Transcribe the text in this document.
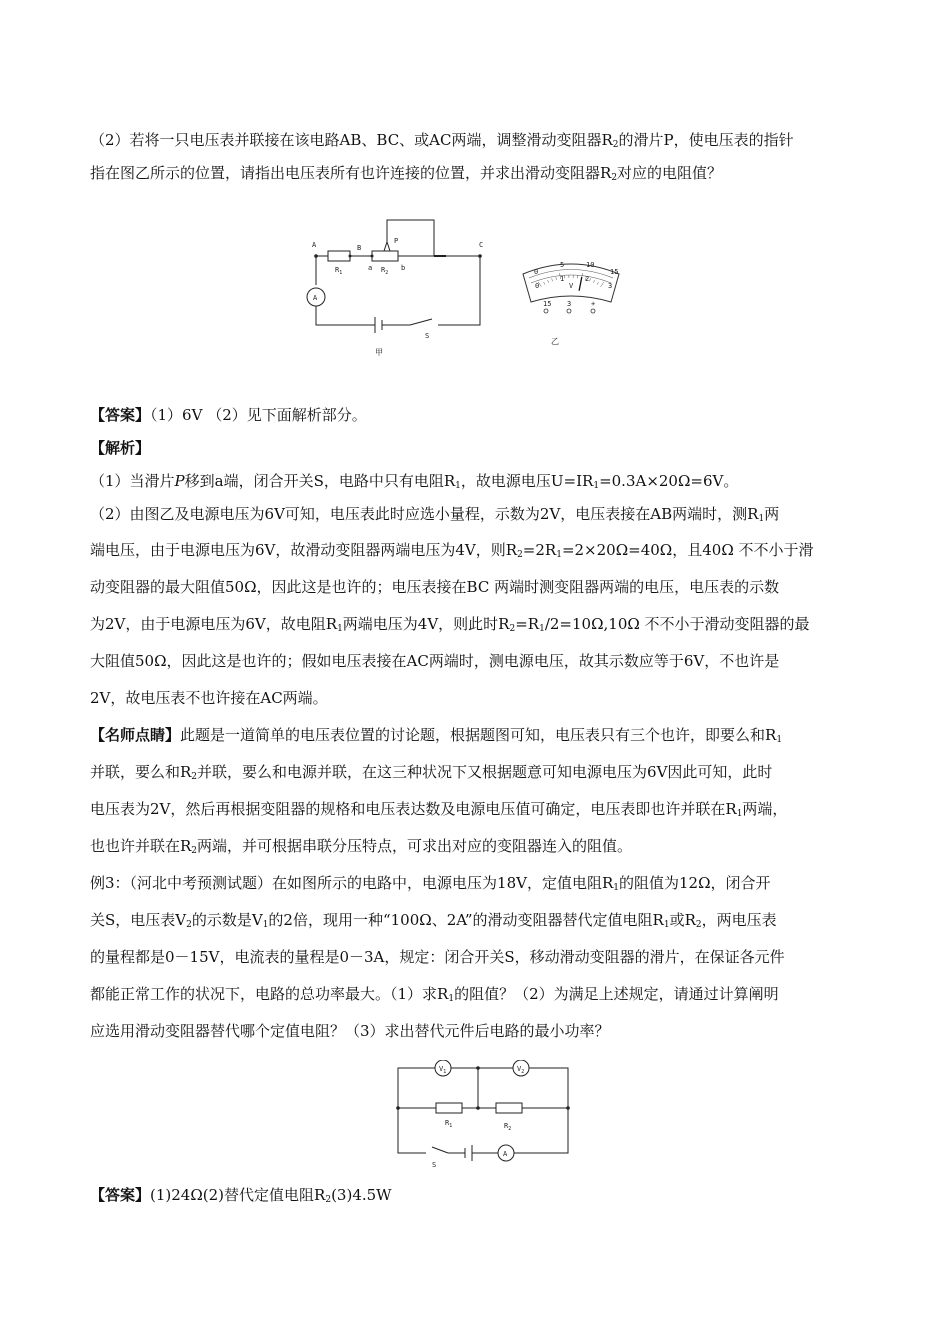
（2）若将一只电压表并联接在该电路AB、BC、或AC两端，调整滑动变阻器$R_2$的滑片P，使电压表的指针
指在图乙所示的位置，请指出电压表所有也许连接的位置，并求出滑动变阻器$R_2$对应的电阻值？
A	B	C
P
a	b
$R_1$	$R_2$
A
S
甲
0
5	10
15
0
1	2
3
V
15 3	+
乙
【答案】（1）6V （2）见下面解析部分。
【解析】
（1）当滑片P移到a端，闭合开关S，电路中只有电阻$R_1$，故电源电压$U=IR_1=0.3A\times 20\Omega=6V$。
（2）由图乙及电源电压为6V可知，电压表此时应选小量程，示数为2V，电压表接在AB两端时，测$R_1$两
端电压，由于电源电压为6V，故滑动变阻器两端电压为4V，则$R_2=2R_1=2\times 20\Omega=40\Omega$，且40Ω 不不小于滑
动变阻器的最大阻值50Ω，因此这是也许的；电压表接在BC 两端时测变阻器两端的电压，电压表的示数
为2V，由于电源电压为6V，故电阻$R_1$两端电压为4V，则此时$R_2=R_1/2=10\Omega,10\Omega$ 不不小于滑动变阻器的最
大阻值50Ω，因此这是也许的；假如电压表接在AC两端时，测电源电压，故其示数应等于6V，不也许是
2V，故电压表不也许接在AC两端。
【名师点睛】此题是一道简单的电压表位置的讨论题，根据题图可知，电压表只有三个也许，即要么和$R_1$
并联，要么和$R_2$并联，要么和电源并联，在这三种状况下又根据题意可知电源电压为6V因此可知，此时
电压表为2V，然后再根据变阻器的规格和电压表达数及电源电压值可确定，电压表即也许并联在$R_1$两端，
也也许并联在$R_2$两端，并可根据串联分压特点，可求出对应的变阻器连入的阻值。
例3：（河北中考预测试题）在如图所示的电路中，电源电压为18V，定值电阻$R_1$的阻值为12Ω，闭合开
关S，电压表$V_2$的示数是$V_1$的2倍，现用一种“100Ω、2A”的滑动变阻器替代定值电阻$R_1$或$R_2$，两电压表
的量程都是0－15V，电流表的量程是0－3A，规定：闭合开关S，移动滑动变阻器的滑片，在保证各元件
都能正常工作的状况下，电路的总功率最大。（1）求$R_1$的阻值？（2）为满足上述规定，请通过计算阐明
应选用滑动变阻器替代哪个定值电阻？（3）求出替代元件后电路的最小功率？
$V_1$	$V_2$
$R_1$	$R_2$
A
S
【答案】(1)24Ω(2)替代定值电阻$R_2(3)4.5W$
